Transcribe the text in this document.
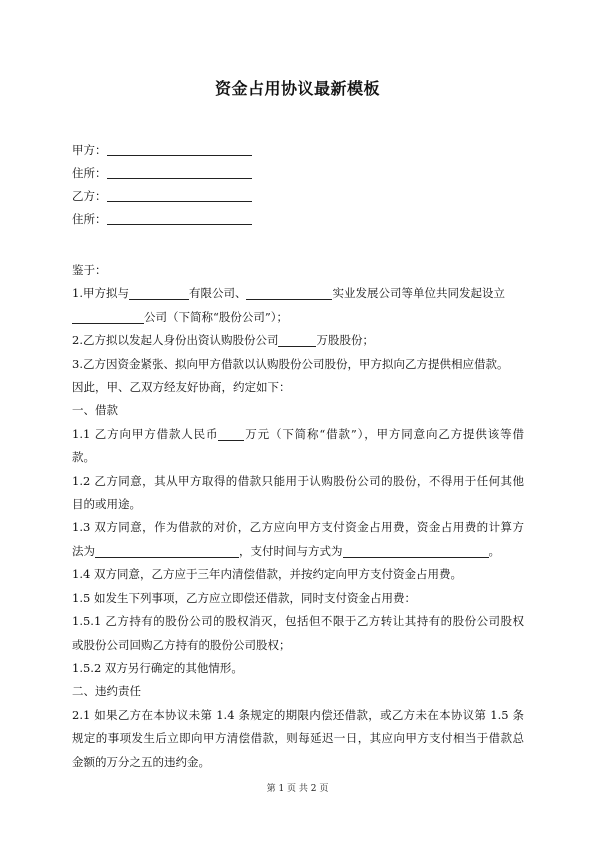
资金占用协议最新模板
甲方：
住所：
乙方：
住所：
鉴于：
1.甲方拟与	有限公司、	实业发展公司等单位共同发起设立
公司（下简称“股份公司”）；
2.乙方拟以发起人身份出资认购股份公司	万股股份；
3.乙方因资金紧张、拟向甲方借款以认购股份公司股份，甲方拟向乙方提供相应借款。
因此，甲、乙双方经友好协商，约定如下：
一、借款
1.1 乙方向甲方借款人民币 万元（下简称“借款”），甲方同意向乙方提供该等借
款。
1.2 乙方同意，其从甲方取得的借款只能用于认购股份公司的股份，不得用于任何其他
目的或用途。
1.3 双方同意，作为借款的对价，乙方应向甲方支付资金占用费，资金占用费的计算方
法为	，支付时间与方式为	。
1.4 双方同意，乙方应于三年内清偿借款，并按约定向甲方支付资金占用费。
1.5 如发生下列事项，乙方应立即偿还借款，同时支付资金占用费：
1.5.1 乙方持有的股份公司的股权消灭，包括但不限于乙方转让其持有的股份公司股权
或股份公司回购乙方持有的股份公司股权；
1.5.2 双方另行确定的其他情形。
二、违约责任
2.1 如果乙方在本协议未第 1.4 条规定的期限内偿还借款，或乙方未在本协议第 1.5 条
规定的事项发生后立即向甲方清偿借款，则每延迟一日，其应向甲方支付相当于借款总
金额的万分之五的违约金。
第 1 页 共 2 页
